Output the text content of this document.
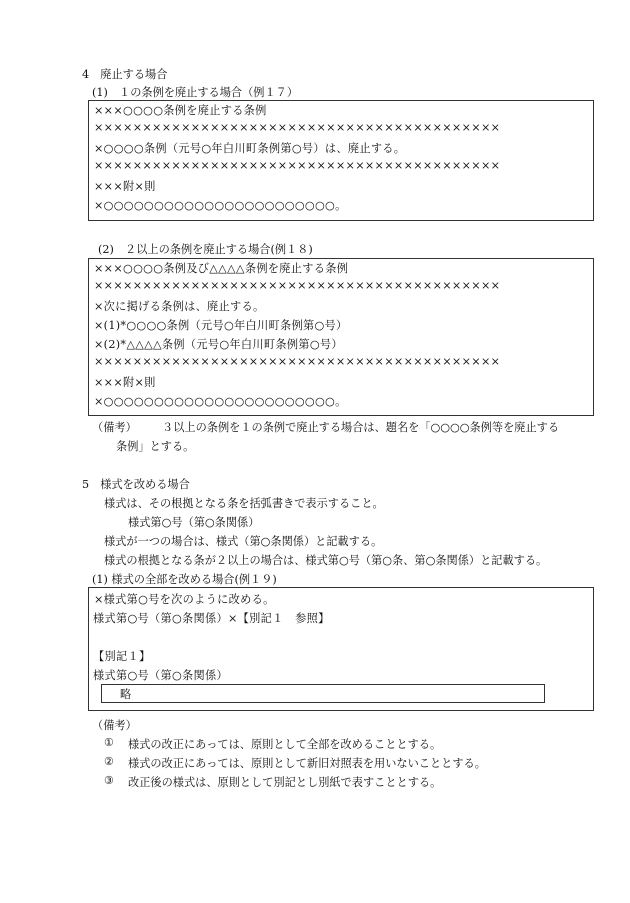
4　廃止する場合
(1)　１の条例を廃止する場合（例１７）
×××○○○○条例を廃止する条例
××××××××××××××××××××××××××××××××××××××××××
×○○○○条例（元号○年白川町条例第○号）は、廃止する。
××××××××××××××××××××××××××××××××××××××××××
×××附×則
×○○○○○○○○○○○○○○○○○○○○○○○。
(2)　２以上の条例を廃止する場合(例１８)
×××○○○○条例及び△△△△条例を廃止する条例
××××××××××××××××××××××××××××××××××××××××××
×次に掲げる条例は、廃止する。
×(1)*○○○○条例（元号○年白川町条例第○号）
×(2)*△△△△条例（元号○年白川町条例第○号）
××××××××××××××××××××××××××××××××××××××××××
×××附×則
×○○○○○○○○○○○○○○○○○○○○○○○。
（備考） ３以上の条例を１の条例で廃止する場合は、題名を「○○○○条例等を廃止する
条例」とする。
5　様式を改める場合
様式は、その根拠となる条を括弧書きで表示すること。
様式第○号（第○条関係）
様式が一つの場合は、様式（第○条関係）と記載する。
様式の根拠となる条が２以上の場合は、様式第○号（第○条、第○条関係）と記載する。
(1) 様式の全部を改める場合(例１９)
×様式第○号を次のように改める。
様式第○号（第○条関係）×【別記１　参照】
【別記１】
様式第○号（第○条関係）
略
（備考）
① 様式の改正にあっては、原則として全部を改めることとする。
② 様式の改正にあっては、原則として新旧対照表を用いないこととする。
③ 改正後の様式は、原則として別記とし別紙で表すこととする。
